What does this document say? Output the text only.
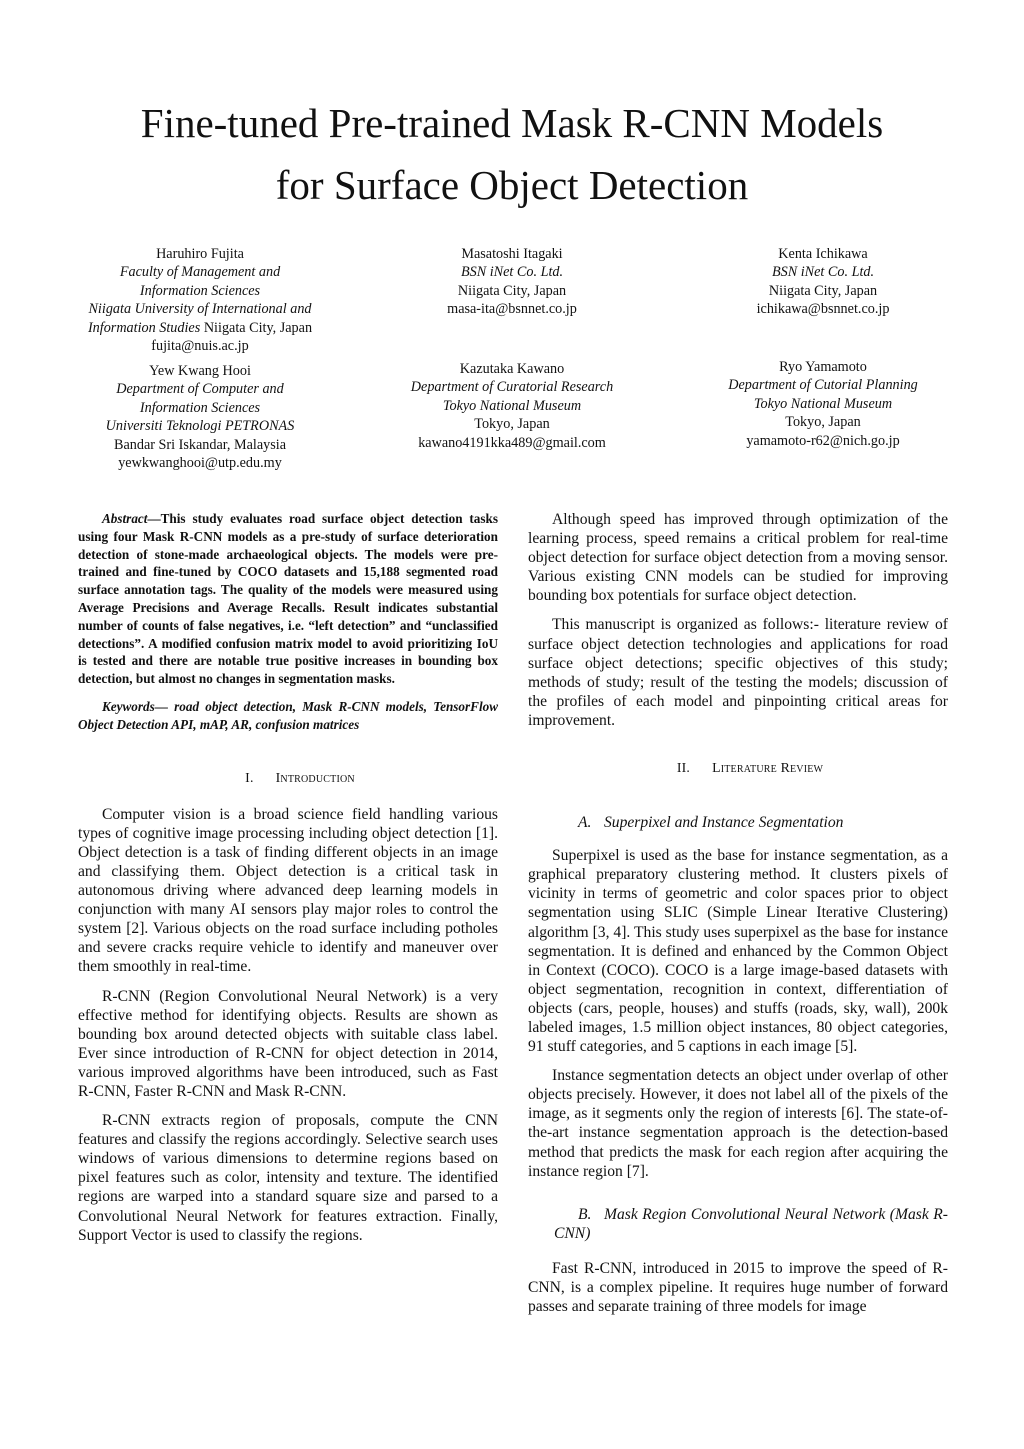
Fine-tuned Pre-trained Mask R-CNN Models
for Surface Object Detection
Haruhiro Fujita
Faculty of Management and
Information Sciences
Niigata University of International and
Information Studies Niigata City, Japan
fujita@nuis.ac.jp
Masatoshi Itagaki
BSN iNet Co. Ltd.
Niigata City, Japan
masa-ita@bsnnet.co.jp
Kenta Ichikawa
BSN iNet Co. Ltd.
Niigata City, Japan
ichikawa@bsnnet.co.jp
Yew Kwang Hooi
Department of Computer and
Information Sciences
Universiti Teknologi PETRONAS
Bandar Sri Iskandar, Malaysia
yewkwanghooi@utp.edu.my
Kazutaka Kawano
Department of Curatorial Research
Tokyo National Museum
Tokyo, Japan
kawano4191kka489@gmail.com
Ryo Yamamoto
Department of Cutorial Planning
Tokyo National Museum
Tokyo, Japan
yamamoto-r62@nich.go.jp

Abstract—This study evaluates road surface object detection tasks using four Mask R-CNN models as a pre-study of surface deterioration detection of stone-made archaeological objects. The models were pre-trained and fine-tuned by COCO datasets and 15,188 segmented road surface annotation tags. The quality of the models were measured using Average Precisions and Average Recalls. Result indicates substantial number of counts of false negatives, i.e. “left detection” and “unclassified detections”. A modified confusion matrix model to avoid prioritizing IoU is tested and there are notable true positive increases in bounding box detection, but almost no changes in segmentation masks.

Keywords— road object detection, Mask R-CNN models, TensorFlow Object Detection API, mAP, AR, confusion matrices

I. Introduction

Computer vision is a broad science field handling various types of cognitive image processing including object detection [1]. Object detection is a task of finding different objects in an image and classifying them. Object detection is a critical task in autonomous driving where advanced deep learning models in conjunction with many AI sensors play major roles to control the system [2]. Various objects on the road surface including potholes and severe cracks require vehicle to identify and maneuver over them smoothly in real-time.

R-CNN (Region Convolutional Neural Network) is a very effective method for identifying objects. Results are shown as bounding box around detected objects with suitable class label. Ever since introduction of R-CNN for object detection in 2014, various improved algorithms have been introduced, such as Fast R-CNN, Faster R-CNN and Mask R-CNN.

R-CNN extracts region of proposals, compute the CNN features and classify the regions accordingly. Selective search uses windows of various dimensions to determine regions based on pixel features such as color, intensity and texture. The identified regions are warped into a standard square size and parsed to a Convolutional Neural Network for features extraction. Finally, Support Vector is used to classify the regions.

Although speed has improved through optimization of the learning process, speed remains a critical problem for real-time object detection for surface object detection from a moving sensor. Various existing CNN models can be studied for improving bounding box potentials for surface object detection.

This manuscript is organized as follows:- literature review of surface object detection technologies and applications for road surface object detections; specific objectives of this study; methods of study; result of the testing the models; discussion of the profiles of each model and pinpointing critical areas for improvement.

II. Literature Review

A. Superpixel and Instance Segmentation

Superpixel is used as the base for instance segmentation, as a graphical preparatory clustering method. It clusters pixels of vicinity in terms of geometric and color spaces prior to object segmentation using SLIC (Simple Linear Iterative Clustering) algorithm [3, 4]. This study uses superpixel as the base for instance segmentation. It is defined and enhanced by the Common Object in Context (COCO). COCO is a large image-based datasets with object segmentation, recognition in context, differentiation of objects (cars, people, houses) and stuffs (roads, sky, wall), 200k labeled images, 1.5 million object instances, 80 object categories, 91 stuff categories, and 5 captions in each image [5].

Instance segmentation detects an object under overlap of other objects precisely. However, it does not label all of the pixels of the image, as it segments only the region of interests [6]. The state-of-the-art instance segmentation approach is the detection-based method that predicts the mask for each region after acquiring the instance region [7].

B. Mask Region Convolutional Neural Network (Mask R-CNN)

Fast R-CNN, introduced in 2015 to improve the speed of R-CNN, is a complex pipeline. It requires huge number of forward passes and separate training of three models for image
